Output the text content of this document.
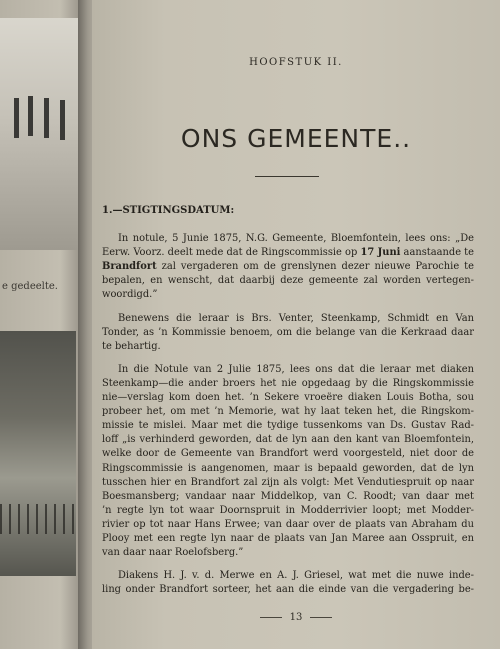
e gedeelte.
HOOFSTUK II.
ONS GEMEENTE..
1.—STIGTINGSDATUM:
In notule, 5 Junie 1875, N.G. Gemeente, Bloemfontein, lees ons: „De
Eerw. Voorz. deelt mede dat de Ringscommissie op 17 Juni aanstaande te
Brandfort zal vergaderen om de grenslynen dezer nieuwe Parochie te
bepalen, en wenscht, dat daarbij deze gemeente zal worden vertegen-
woordigd.”
Benewens die leraar is Brs. Venter, Steenkamp, Schmidt en Van
Tonder, as ’n Kommissie benoem, om die belange van die Kerkraad daar
te behartig.
In die Notule van 2 Julie 1875, lees ons dat die leraar met diaken
Steenkamp—die ander broers het nie opgedaag by die Ringskommissie
nie—verslag kom doen het. ’n Sekere vroeëre diaken Louis Botha, sou
probeer het, om met ’n Memorie, wat hy laat teken het, die Ringskom-
missie te mislei. Maar met die tydige tussenkoms van Ds. Gustav Rad-
loff „is verhinderd geworden, dat de lyn aan den kant van Bloemfontein,
welke door de Gemeente van Brandfort werd voorgesteld, niet door de
Ringscommissie is aangenomen, maar is bepaald geworden, dat de lyn
tusschen hier en Brandfort zal zijn als volgt: Met Vendutiespruit op naar
Boesmansberg; vandaar naar Middelkop, van C. Roodt; van daar met
’n regte lyn tot waar Doornspruit in Modderrivier loopt; met Modder-
rivier op tot naar Hans Erwee; van daar over de plaats van Abraham du
Plooy met een regte lyn naar de plaats van Jan Maree aan Osspruit, en
van daar naar Roelofsberg.”
Diakens H. J. v. d. Merwe en A. J. Griesel, wat met die nuwe inde-
ling onder Brandfort sorteer, het aan die einde van die vergadering be-
13
